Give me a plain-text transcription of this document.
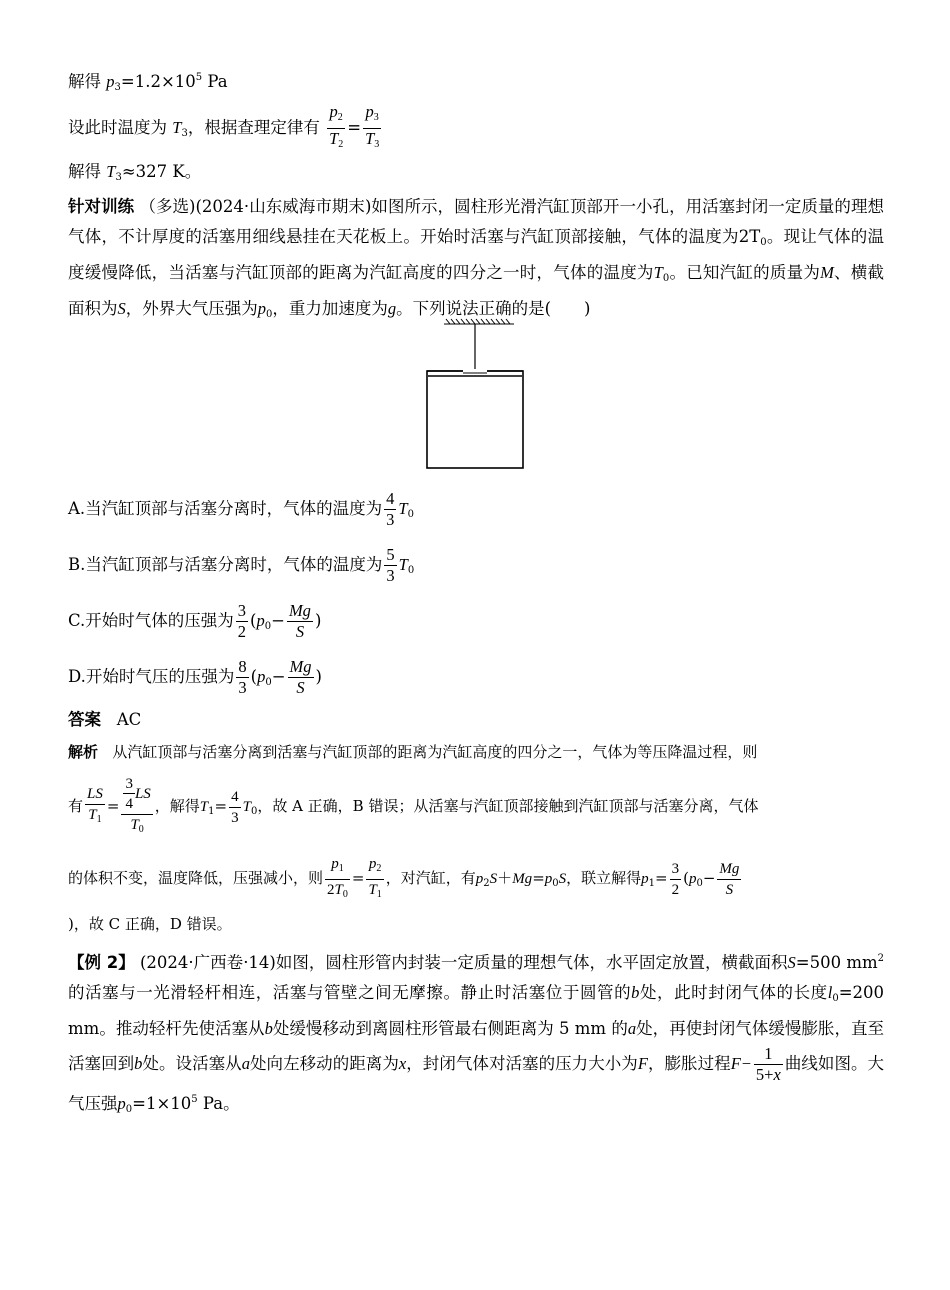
解得 $p_3=1.2\times 10^5$ Pa
设此时温度为 $T_3$，根据查理定律有 $\frac{p_2}{T_2} = \frac{p_3}{T_3}$
解得 $T_3\approx 327$ K。
针对训练 （多选)(2024·山东威海市期末)如图所示，圆柱形光滑汽缸顶部开一小孔，用活塞封闭一定质量的理想气体，不计厚度的活塞用细线悬挂在天花板上。开始时活塞与汽缸顶部接触，气体的温度为$2T_0$。现让气体的温度缓慢降低，当活塞与汽缸顶部的距离为汽缸高度的四分之一时，气体的温度为$T_0$。已知汽缸的质量为M、横截面积为S，外界大气压强为$p_0$，重力加速度为g。下列说法正确的是(　　)
A.当汽缸顶部与活塞分离时，气体的温度为 $\frac{4}{3} T_0$
B.当汽缸顶部与活塞分离时，气体的温度为 $\frac{5}{3} T_0$
C.开始时气体的压强为 $\frac{3}{2} (p_0- \frac{Mg}{S}$ )
D.开始时气压的压强为 $\frac{8}{3} (p_0- \frac{Mg}{S}$ )
答案 AC
解析 从汽缸顶部与活塞分离到活塞与汽缸顶部的距离为汽缸高度的四分之一，气体为等压降温过程，则
有 $\frac{LS}{T_1} = \frac{\frac{3}{4} LS}{T_0}$ ，解得$T_1= \frac{4}{3} T_0$，故 A 正确，B 错误；从活塞与汽缸顶部接触到汽缸顶部与活塞分离，气体
的体积不变，温度降低，压强减小，则 $\frac{p_1}{2T_0} = \frac{p_2}{T_1}$ ，对汽缸，有$p_2S+Mg=p_0S$，联立解得$p_1= \frac{3}{2} (p_0- \frac{Mg}{S}$
)，故 C 正确，D 错误。
【例 2】 (2024·广西卷·14)如图，圆柱形管内封装一定质量的理想气体，水平固定放置，横截面积S=500 $mm^2$的活塞与一光滑轻杆相连，活塞与管壁之间无摩擦。静止时活塞位于圆管的b处，此时封闭气体的长度$l_0=200$ mm。推动轻杆先使活塞从b处缓慢移动到离圆柱形管最右侧距离为 5 mm 的a处，再使封闭气体缓慢膨胀，直至活塞回到b处。设活塞从a处向左移动的距离为x，封闭气体对活塞的压力大小为F，膨胀过程$F- \frac{1}{5+x}$ 曲线如图。大气压强$p_0=1\times 10^5$ Pa。
